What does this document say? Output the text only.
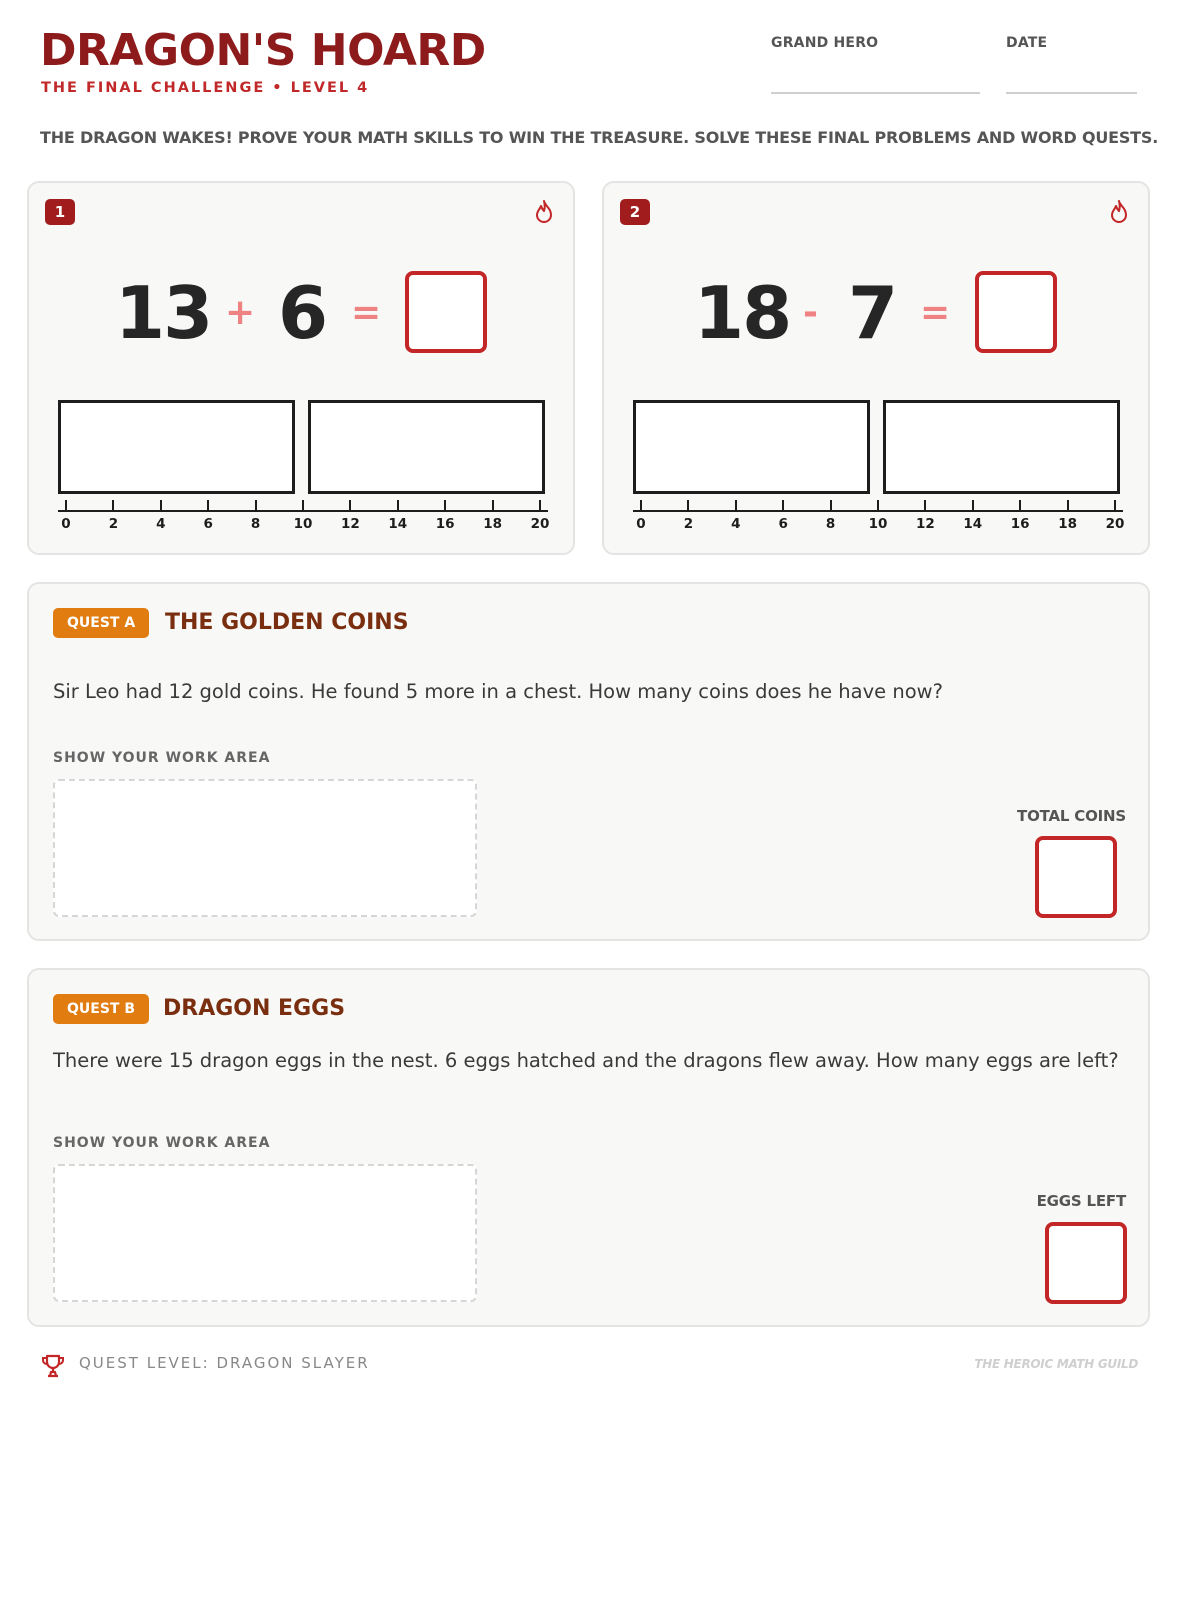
DRAGON'S HOARD
THE FINAL CHALLENGE • LEVEL 4
GRAND HERO	DATE
THE DRAGON WAKES! PROVE YOUR MATH SKILLS TO WIN THE TREASURE. SOLVE THESE FINAL PROBLEMS AND WORD QUESTS.
1
13 + 6 =
0	2	4	6	8	10	12	14	16	18	20
2
18 - 7 =
0	2	4	6	8	10	12	14	16	18	20
QUEST A	THE GOLDEN COINS
Sir Leo had 12 gold coins. He found 5 more in a chest. How many coins does he have now?
SHOW YOUR WORK AREA
TOTAL COINS
QUEST B	DRAGON EGGS
There were 15 dragon eggs in the nest. 6 eggs hatched and the dragons flew away. How many eggs are left?
SHOW YOUR WORK AREA
EGGS LEFT
QUEST LEVEL: DRAGON SLAYER	THE HEROIC MATH GUILD
